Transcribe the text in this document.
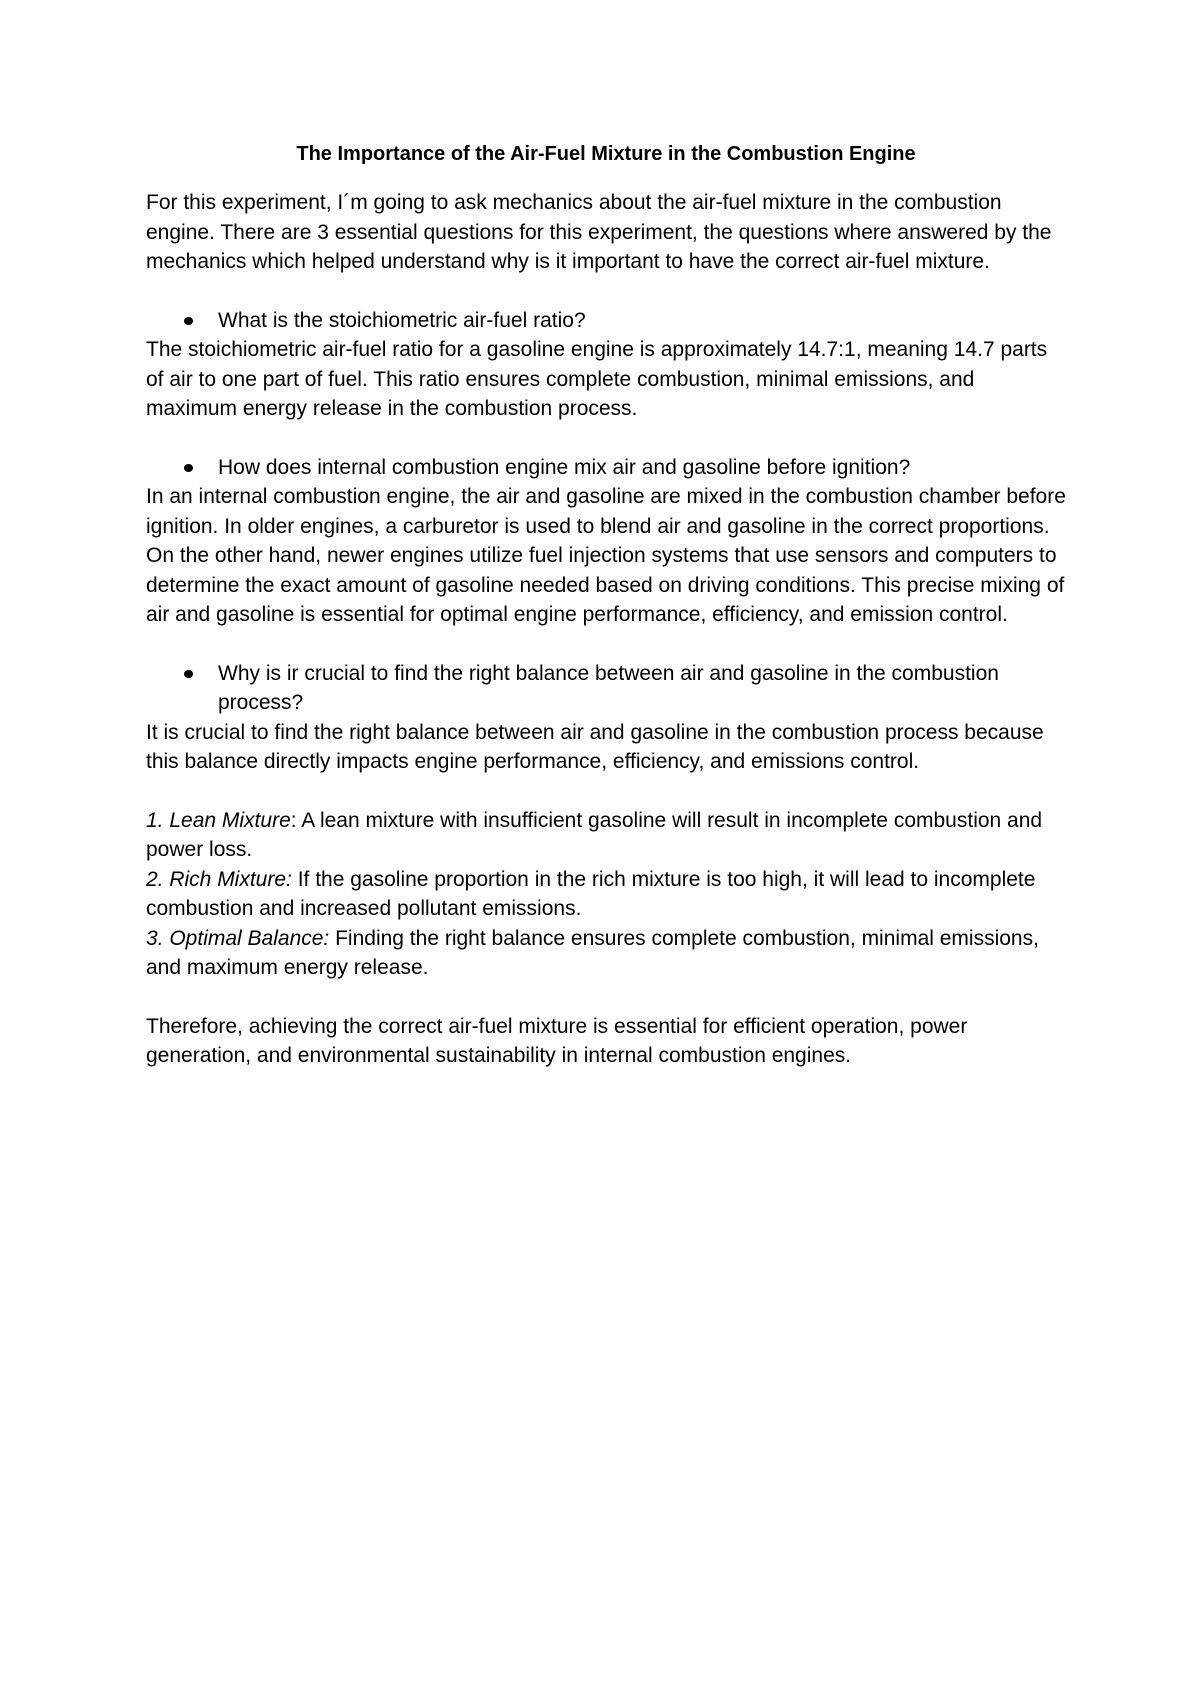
The Importance of the Air-Fuel Mixture in the Combustion Engine

For this experiment, I´m going to ask mechanics about the air-fuel mixture in the combustion engine. There are 3 essential questions for this experiment, the questions where answered by the mechanics which helped understand why is it important to have the correct air-fuel mixture.

What is the stoichiometric air-fuel ratio?

The stoichiometric air-fuel ratio for a gasoline engine is approximately 14.7:1, meaning 14.7 parts of air to one part of fuel. This ratio ensures complete combustion, minimal emissions, and maximum energy release in the combustion process.

How does internal combustion engine mix air and gasoline before ignition?

In an internal combustion engine, the air and gasoline are mixed in the combustion chamber before ignition. In older engines, a carburetor is used to blend air and gasoline in the correct proportions. On the other hand, newer engines utilize fuel injection systems that use sensors and computers to determine the exact amount of gasoline needed based on driving conditions. This precise mixing of air and gasoline is essential for optimal engine performance, efficiency, and emission control.

Why is ir crucial to find the right balance between air and gasoline in the combustion process?

It is crucial to find the right balance between air and gasoline in the combustion process because this balance directly impacts engine performance, efficiency, and emissions control.

1. Lean Mixture: A lean mixture with insufficient gasoline will result in incomplete combustion and power loss.

2. Rich Mixture: If the gasoline proportion in the rich mixture is too high, it will lead to incomplete combustion and increased pollutant emissions.

3. Optimal Balance: Finding the right balance ensures complete combustion, minimal emissions, and maximum energy release.

Therefore, achieving the correct air-fuel mixture is essential for efficient operation, power generation, and environmental sustainability in internal combustion engines.
